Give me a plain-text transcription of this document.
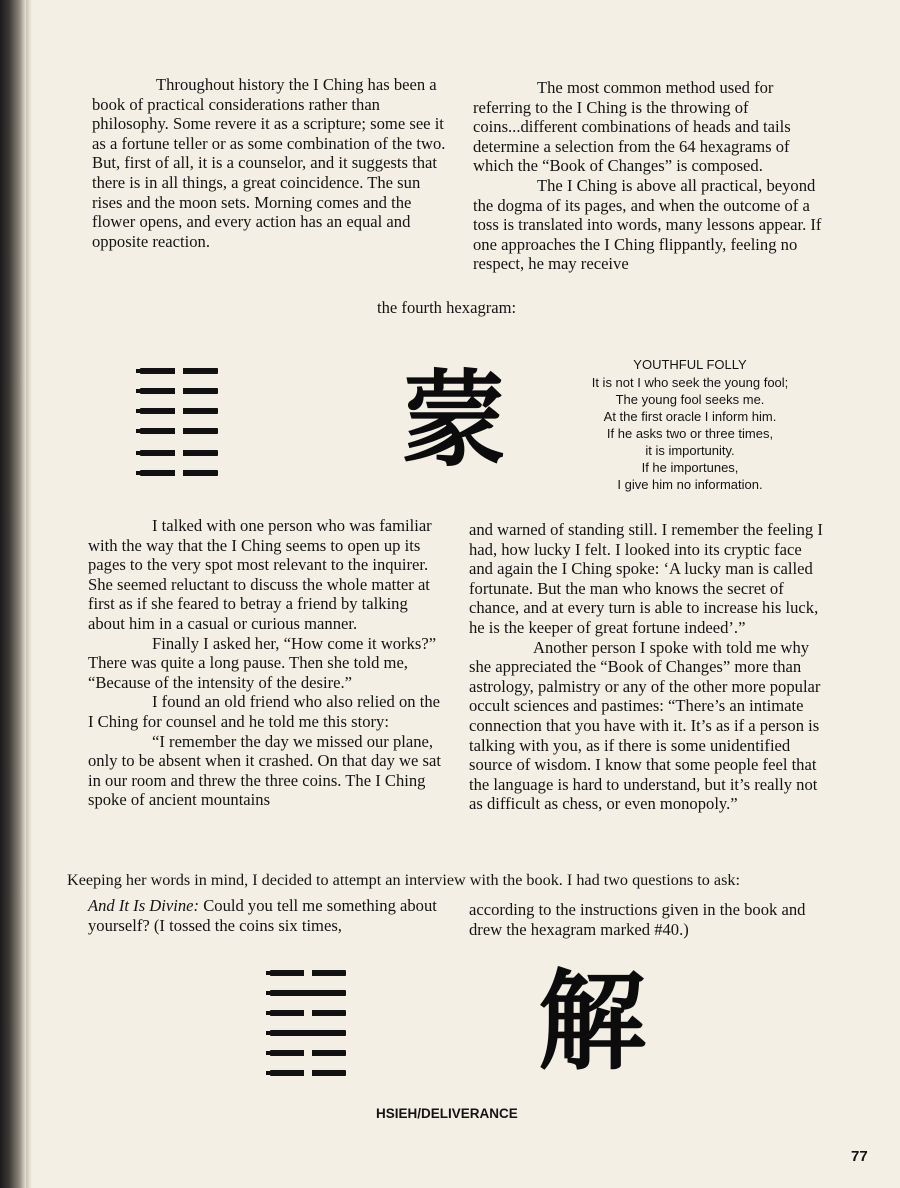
Throughout history the I Ching has been a book of practical considerations rather than philosophy. Some revere it as a scripture; some see it as a fortune teller or as some combination of the two. But, first of all, it is a counselor, and it suggests that there is in all things, a great coincidence. The sun rises and the moon sets. Morning comes and the flower opens, and every action has an equal and opposite reaction.

The most common method used for referring to the I Ching is the throwing of coins...different combinations of heads and tails determine a selection from the 64 hexagrams of which the “Book of Changes” is composed.

The I Ching is above all practical, beyond the dogma of its pages, and when the outcome of a toss is translated into words, many lessons appear. If one approaches the I Ching flippantly, feeling no respect, he may receive

the fourth hexagram:
蒙	YOUTHFUL FOLLY
It is not I who seek the young fool;
The young fool seeks me.
At the first oracle I inform him.
If he asks two or three times,
it is importunity.
If he importunes,
I give him no information.

I talked with one person who was familiar with the way that the I Ching seems to open up its pages to the very spot most relevant to the inquirer. She seemed reluctant to discuss the whole matter at first as if she feared to betray a friend by talking about him in a casual or curious manner.

Finally I asked her, “How come it works?” There was quite a long pause. Then she told me, “Because of the intensity of the desire.”

I found an old friend who also relied on the I Ching for counsel and he told me this story:

“I remember the day we missed our plane, only to be absent when it crashed. On that day we sat in our room and threw the three coins. The I Ching spoke of ancient mountains

and warned of standing still. I remember the feeling I had, how lucky I felt. I looked into its cryptic face and again the I Ching spoke: ‘A lucky man is called fortunate. But the man who knows the secret of chance, and at every turn is able to increase his luck, he is the keeper of great fortune indeed’.”

Another person I spoke with told me why she appreciated the “Book of Changes” more than astrology, palmistry or any of the other more popular occult sciences and pastimes: “There’s an intimate connection that you have with it. It’s as if a person is talking with you, as if there is some unidentified source of wisdom. I know that some people feel that the language is hard to understand, but it’s really not as difficult as chess, or even monopoly.”

Keeping her words in mind, I decided to attempt an interview with the book. I had two questions to ask:

And It Is Divine: Could you tell me something about yourself? (I tossed the coins six times,

according to the instructions given in the book and drew the hexagram marked #40.)

解
HSIEH/DELIVERANCE
77
